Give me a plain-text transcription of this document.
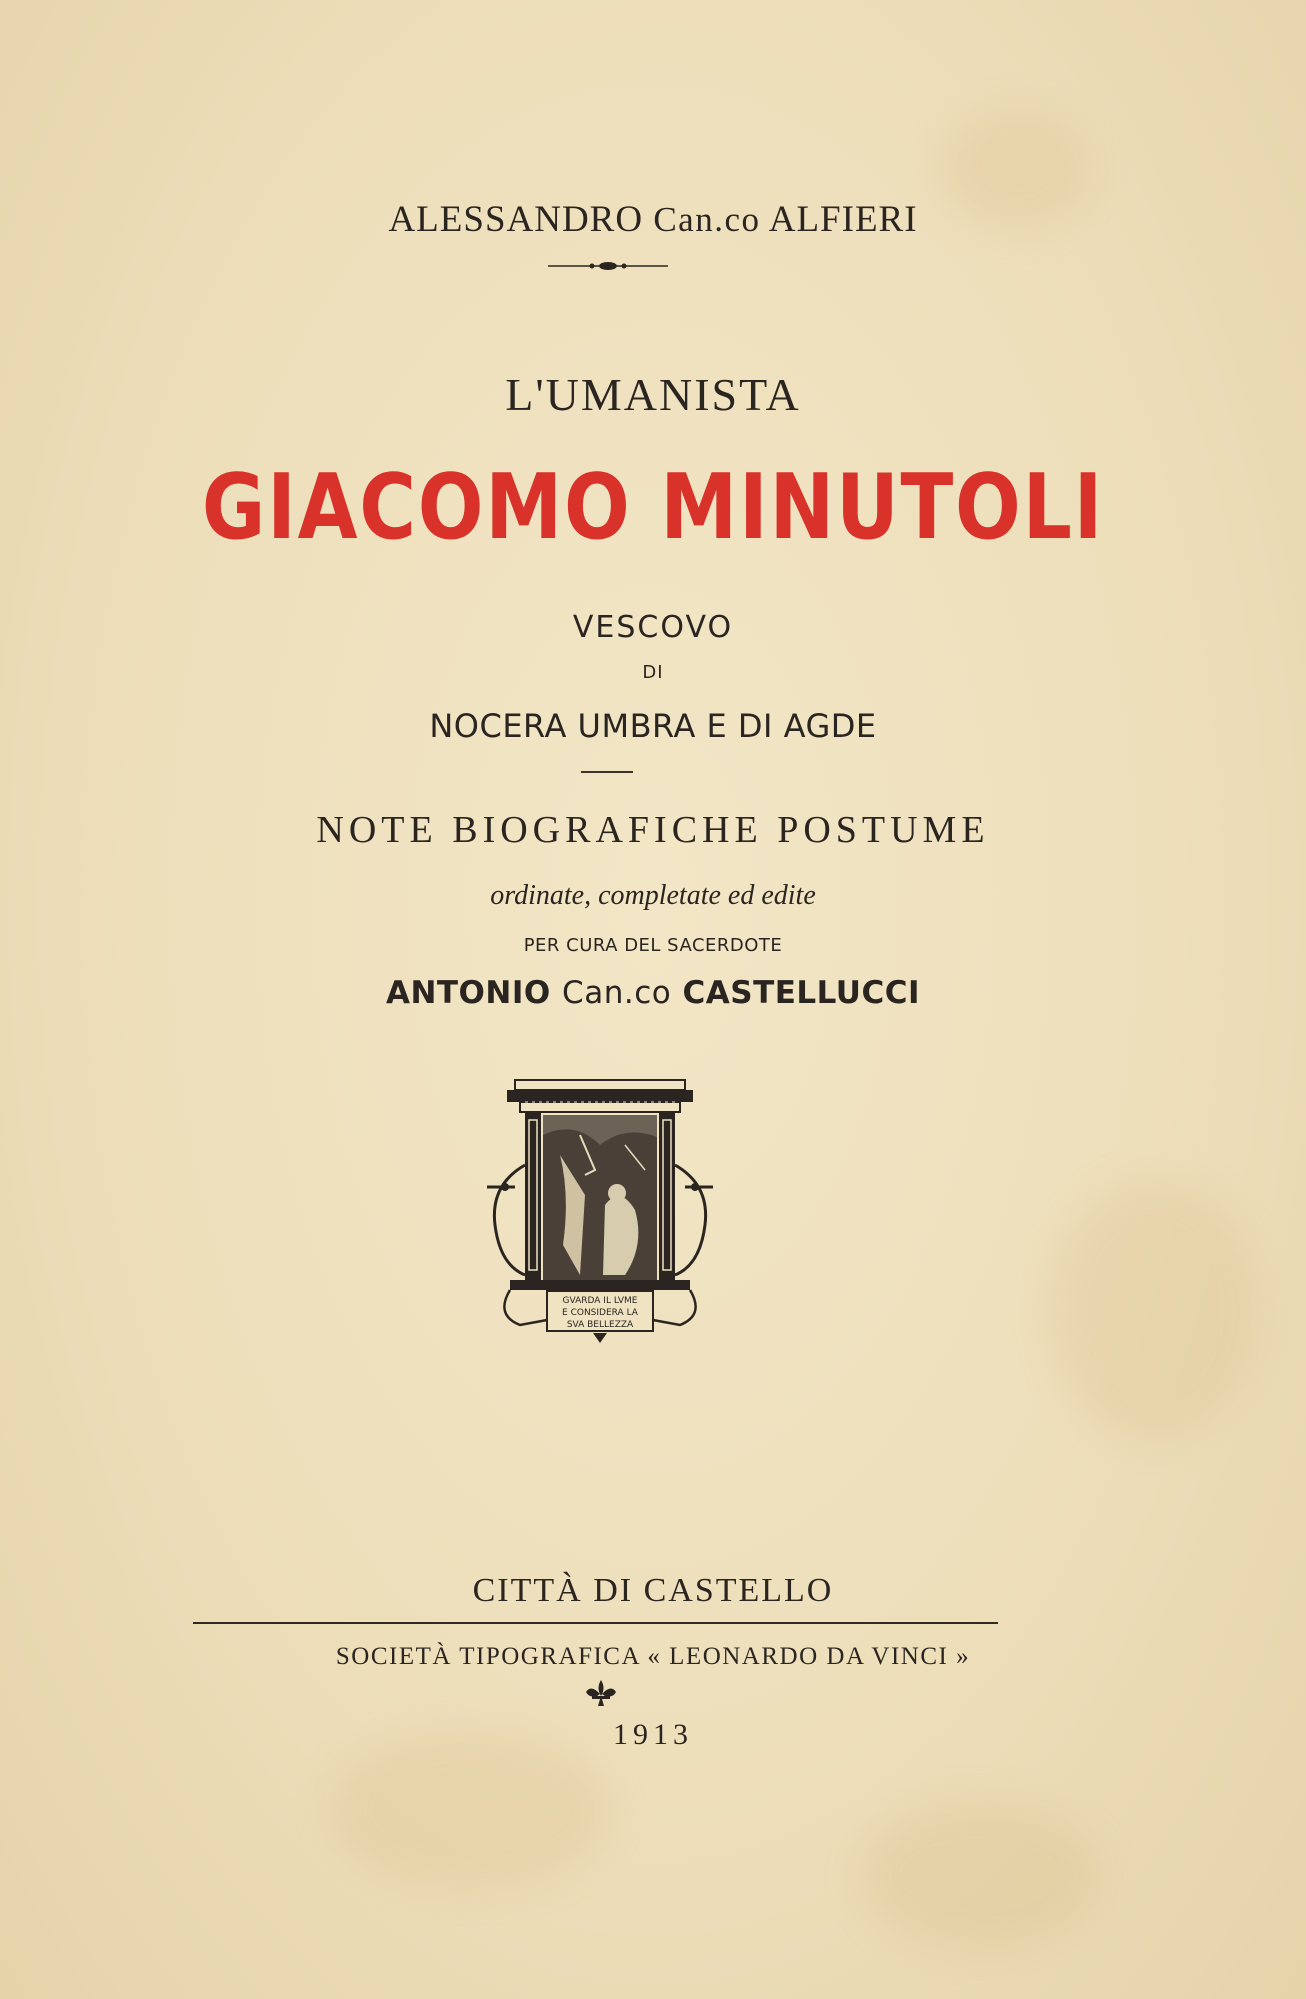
ALESSANDRO Can.co ALFIERI
L'UMANISTA
GIACOMO MINUTOLI
VESCOVO
DI
NOCERA UMBRA E DI AGDE
NOTE BIOGRAFICHE POSTUME
ordinate, completate ed edite
PER CURA DEL SACERDOTE
ANTONIO Can.co CASTELLUCCI
GVARDA IL LVME
E CONSIDERA LA
SVA BELLEZZA
CITTÀ DI CASTELLO
SOCIETÀ TIPOGRAFICA « LEONARDO DA VINCI »
1913
